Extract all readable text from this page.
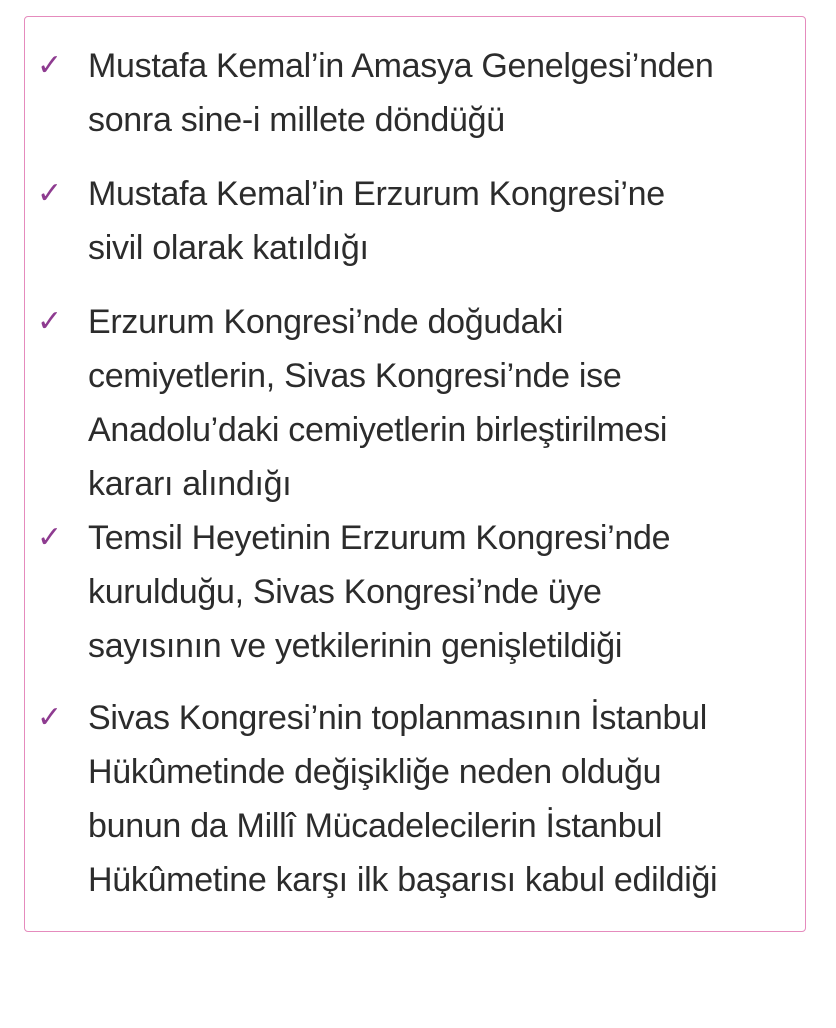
✓ Mustafa Kemal’in Amasya Genelgesi’nden
sonra sine-i millete döndüğü
✓ Mustafa Kemal’in Erzurum Kongresi’ne
sivil olarak katıldığı
✓ Erzurum Kongresi’nde doğudaki
cemiyetlerin, Sivas Kongresi’nde ise
Anadolu’daki cemiyetlerin birleştirilmesi
kararı alındığı
✓ Temsil Heyetinin Erzurum Kongresi’nde
kurulduğu, Sivas Kongresi’nde üye
sayısının ve yetkilerinin genişletildiği
✓ Sivas Kongresi’nin toplanmasının İstanbul
Hükûmetinde değişikliğe neden olduğu
bunun da Millî Mücadelecilerin İstanbul
Hükûmetine karşı ilk başarısı kabul edildiği
